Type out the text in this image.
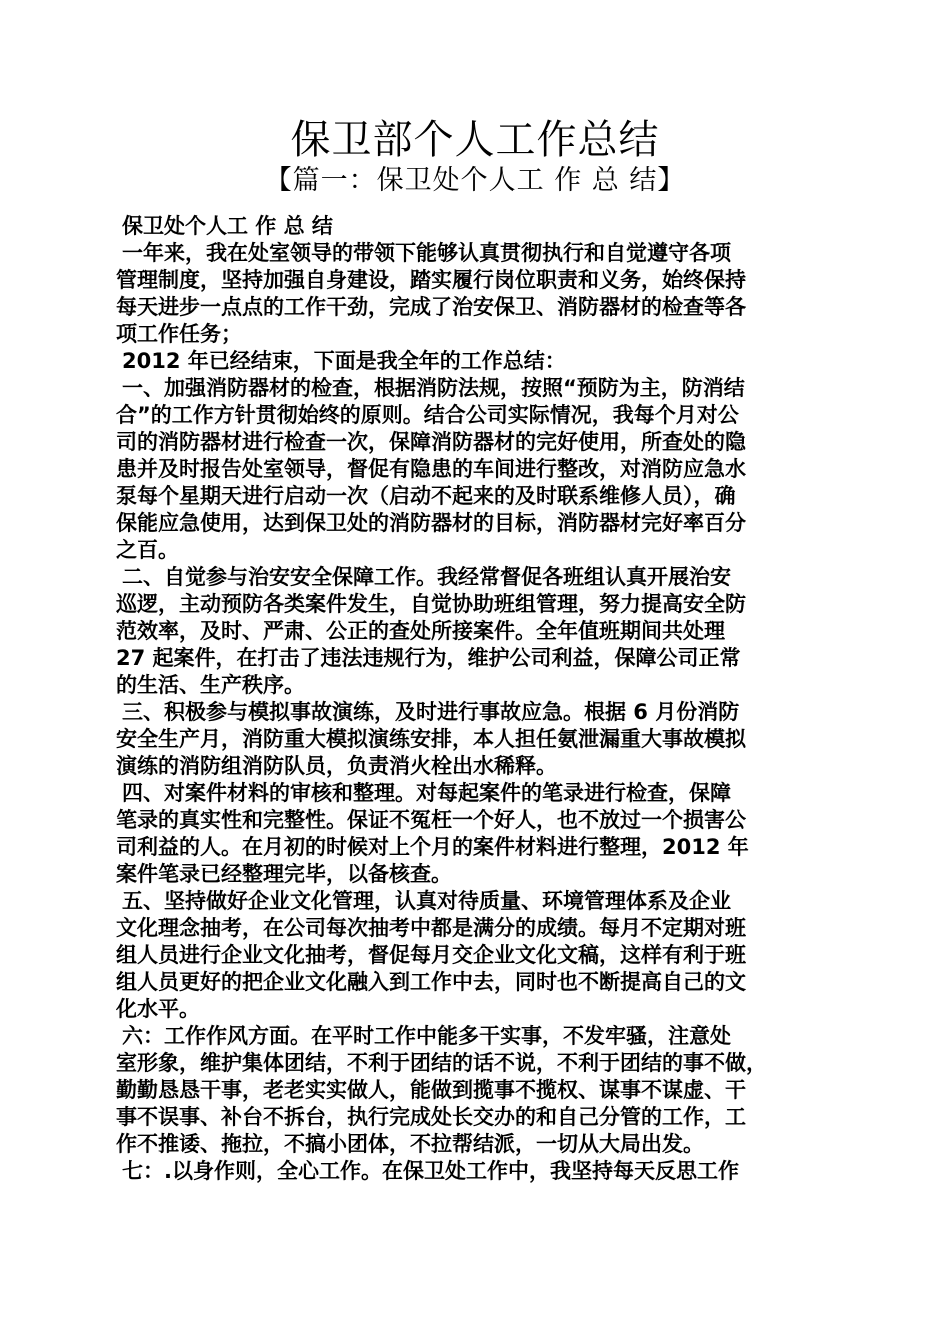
保卫部个人工作总结
【篇一：保卫处个人工 作 总 结】
保卫处个人工 作 总 结
一年来，我在处室领导的带领下能够认真贯彻执行和自觉遵守各项
管理制度，坚持加强自身建设，踏实履行岗位职责和义务，始终保持
每天进步一点点的工作干劲，完成了治安保卫、消防器材的检查等各
项工作任务；
2012 年已经结束，下面是我全年的工作总结：
一、加强消防器材的检查，根据消防法规，按照“预防为主，防消结
合”的工作方针贯彻始终的原则。结合公司实际情况，我每个月对公
司的消防器材进行检查一次，保障消防器材的完好使用，所查处的隐
患并及时报告处室领导，督促有隐患的车间进行整改，对消防应急水
泵每个星期天进行启动一次（启动不起来的及时联系维修人员），确
保能应急使用，达到保卫处的消防器材的目标，消防器材完好率百分
之百。
二、自觉参与治安安全保障工作。我经常督促各班组认真开展治安
巡逻，主动预防各类案件发生，自觉协助班组管理，努力提高安全防
范效率，及时、严肃、公正的查处所接案件。全年值班期间共处理
27 起案件，在打击了违法违规行为，维护公司利益，保障公司正常
的生活、生产秩序。
三、积极参与模拟事故演练，及时进行事故应急。根据 6 月份消防
安全生产月，消防重大模拟演练安排，本人担任氨泄漏重大事故模拟
演练的消防组消防队员，负责消火栓出水稀释。
四、对案件材料的审核和整理。对每起案件的笔录进行检查，保障
笔录的真实性和完整性。保证不冤枉一个好人，也不放过一个损害公
司利益的人。在月初的时候对上个月的案件材料进行整理，2012 年
案件笔录已经整理完毕，以备核查。
五、坚持做好企业文化管理，认真对待质量、环境管理体系及企业
文化理念抽考，在公司每次抽考中都是满分的成绩。每月不定期对班
组人员进行企业文化抽考，督促每月交企业文化文稿，这样有利于班
组人员更好的把企业文化融入到工作中去，同时也不断提高自己的文
化水平。
六：工作作风方面。在平时工作中能多干实事，不发牢骚，注意处
室形象，维护集体团结，不利于团结的话不说，不利于团结的事不做，
勤勤恳恳干事，老老实实做人，能做到揽事不揽权、谋事不谋虚、干
事不误事、补台不拆台，执行完成处长交办的和自己分管的工作，工
作不推诿、拖拉，不搞小团体，不拉帮结派，一切从大局出发。
七：.以身作则，全心工作。在保卫处工作中，我坚持每天反思工作
